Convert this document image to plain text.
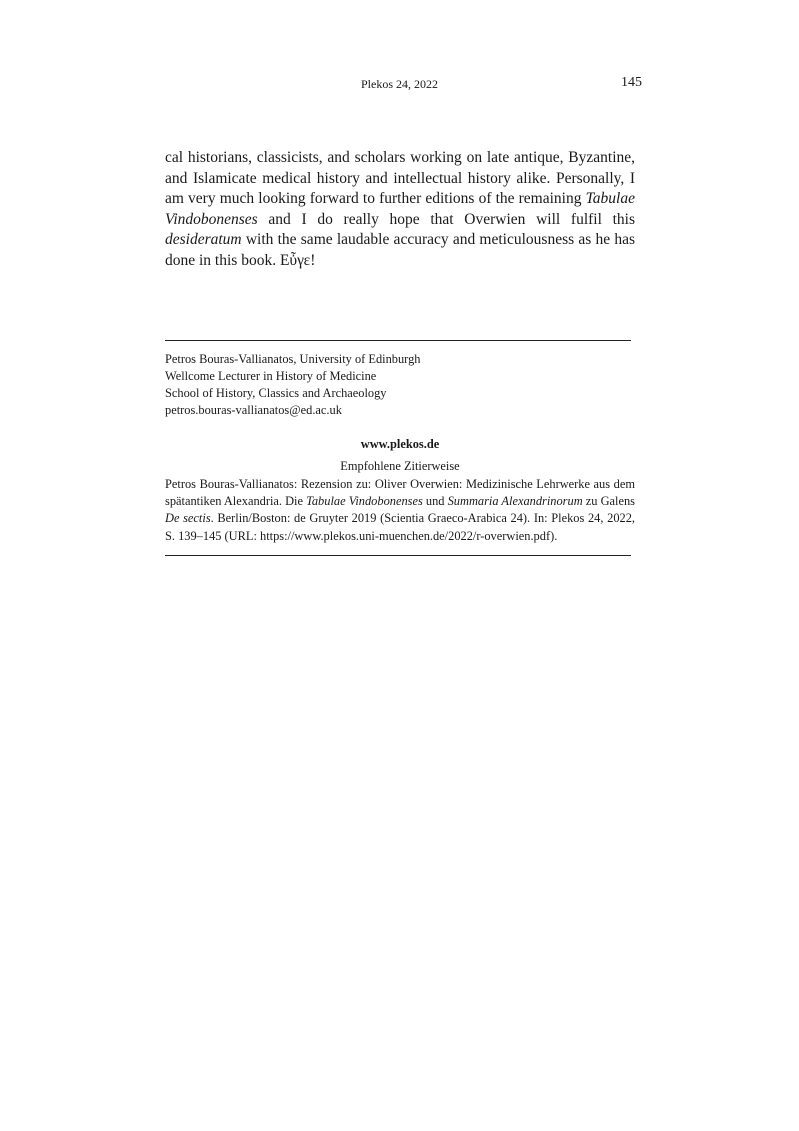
Plekos 24, 2022	145

cal historians, classicists, and scholars working on late antique, Byzantine, and Islamicate medical history and intellectual history alike. Personally, I am very much looking forward to further editions of the remaining Tabulae Vindobonenses and I do really hope that Overwien will fulfil this desideratum with the same laudable accuracy and meticulousness as he has done in this book. Εὖγε!

Petros Bouras-Vallianatos, University of Edinburgh
Wellcome Lecturer in History of Medicine
School of History, Classics and Archaeology
petros.bouras-vallianatos@ed.ac.uk
www.plekos.de
Empfohlene Zitierweise

Petros Bouras-Vallianatos: Rezension zu: Oliver Overwien: Medizinische Lehrwerke aus dem spätantiken Alexandria. Die Tabulae Vindobonenses und Summaria Alexandrinorum zu Galens De sectis. Berlin/Boston: de Gruyter 2019 (Scientia Graeco-Arabica 24). In: Plekos 24, 2022, S. 139–145 (URL: https://www.plekos.uni-muenchen.de/2022/r-overwien.pdf).
